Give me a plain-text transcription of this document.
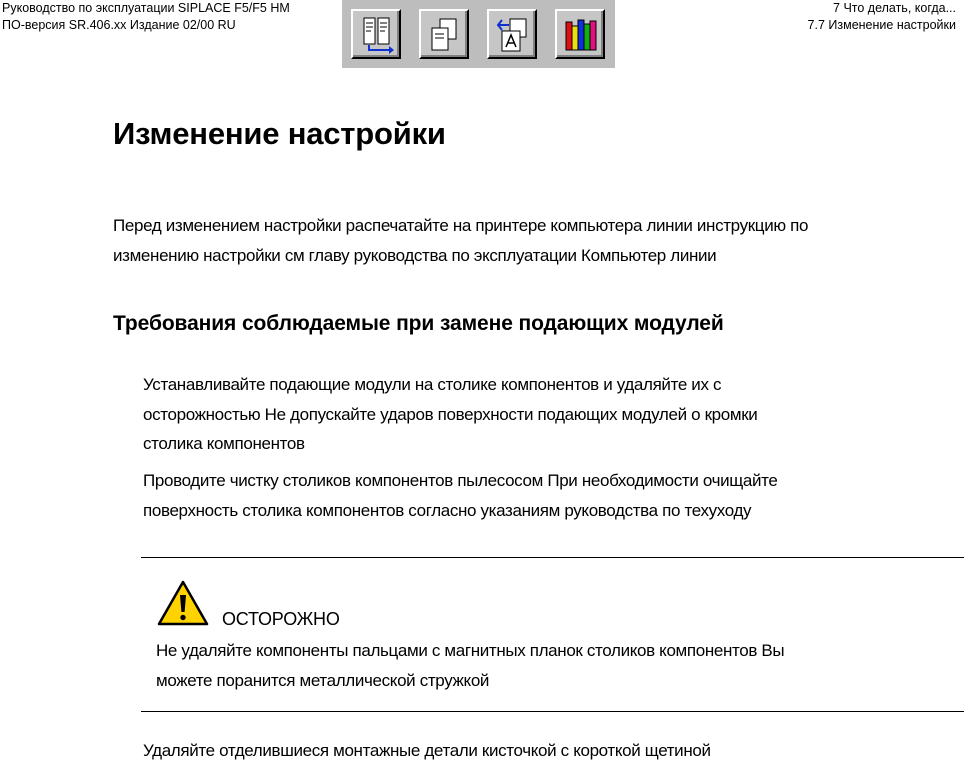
Руководство по эксплуатации SIPLACE F5/F5 HM
ПО-версия SR.406.xx Издание 02/00 RU
7 Что делать, когда...
7.7 Изменение настройки
Изменение настройки
Перед изменением настройки распечатайте на принтере компьютера линии инструкцию по
изменению настройки см главу руководства по эксплуатации Компьютер линии
Требования соблюдаемые при замене подающих модулей
Устанавливайте подающие модули на столике компонентов и удаляйте их с
осторожностью Не допускайте ударов поверхности подающих модулей о кромки
столика компонентов
Проводите чистку столиков компонентов пылесосом При необходимости очищайте
поверхность столика компонентов согласно указаниям руководства по техуходу
ОСТОРОЖНО
Не удаляйте компоненты пальцами с магнитных планок столиков компонентов Вы
можете поранится металлической стружкой
Удаляйте отделившиеся монтажные детали кисточкой с короткой щетиной
